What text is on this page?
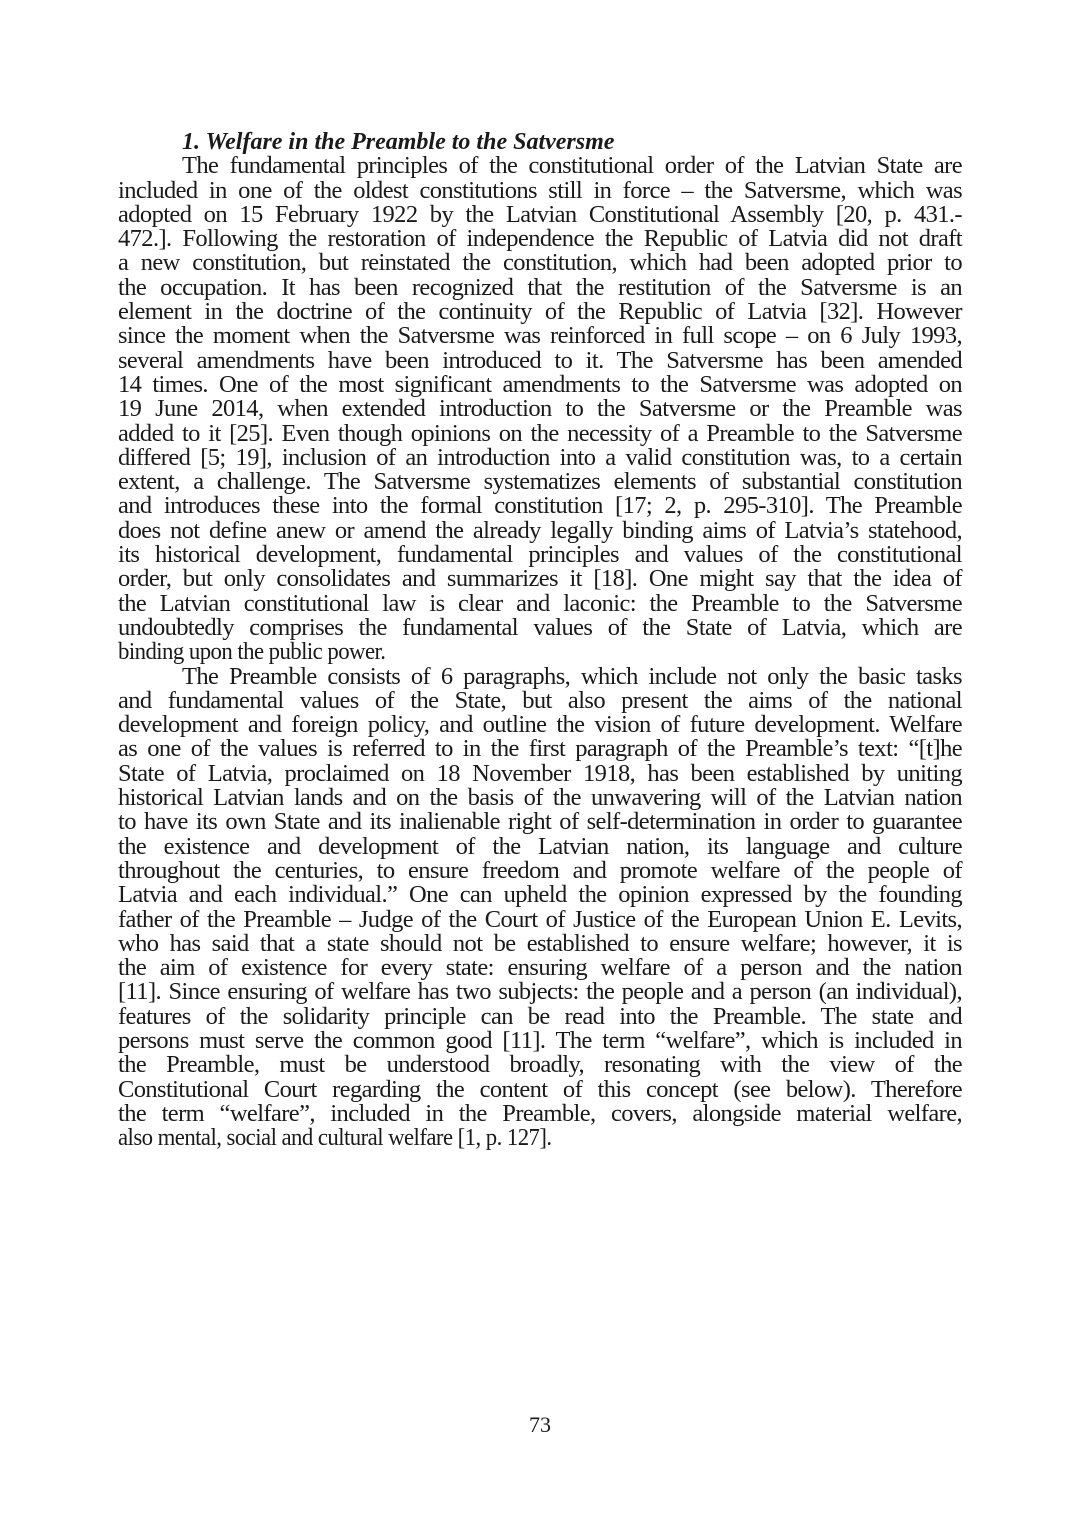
1. Welfare in the Preamble to the Satversme
The fundamental principles of the constitutional order of the Latvian State are
included in one of the oldest constitutions still in force – the Satversme, which was
adopted on 15 February 1922 by the Latvian Constitutional Assembly [20, p. 431.-
472.]. Following the restoration of independence the Republic of Latvia did not draft
a new constitution, but reinstated the constitution, which had been adopted prior to
the occupation. It has been recognized that the restitution of the Satversme is an
element in the doctrine of the continuity of the Republic of Latvia [32]. However
since the moment when the Satversme was reinforced in full scope – on 6 July 1993,
several amendments have been introduced to it. The Satversme has been amended
14 times. One of the most significant amendments to the Satversme was adopted on
19 June 2014, when extended introduction to the Satversme or the Preamble was
added to it [25]. Even though opinions on the necessity of a Preamble to the Satversme
differed [5; 19], inclusion of an introduction into a valid constitution was, to a certain
extent, a challenge. The Satversme systematizes elements of substantial constitution
and introduces these into the formal constitution [17; 2, p. 295-310]. The Preamble
does not define anew or amend the already legally binding aims of Latvia’s statehood,
its historical development, fundamental principles and values of the constitutional
order, but only consolidates and summarizes it [18]. One might say that the idea of
the Latvian constitutional law is clear and laconic: the Preamble to the Satversme
undoubtedly comprises the fundamental values of the State of Latvia, which are
binding upon the public power.
The Preamble consists of 6 paragraphs, which include not only the basic tasks
and fundamental values of the State, but also present the aims of the national
development and foreign policy, and outline the vision of future development. Welfare
as one of the values is referred to in the first paragraph of the Preamble’s text: “[t]he
State of Latvia, proclaimed on 18 November 1918, has been established by uniting
historical Latvian lands and on the basis of the unwavering will of the Latvian nation
to have its own State and its inalienable right of self-determination in order to guarantee
the existence and development of the Latvian nation, its language and culture
throughout the centuries, to ensure freedom and promote welfare of the people of
Latvia and each individual.” One can upheld the opinion expressed by the founding
father of the Preamble – Judge of the Court of Justice of the European Union E. Levits,
who has said that a state should not be established to ensure welfare; however, it is
the aim of existence for every state: ensuring welfare of a person and the nation
[11]. Since ensuring of welfare has two subjects: the people and a person (an individual),
features of the solidarity principle can be read into the Preamble. The state and
persons must serve the common good [11]. The term “welfare”, which is included in
the Preamble, must be understood broadly, resonating with the view of the
Constitutional Court regarding the content of this concept (see below). Therefore
the term “welfare”, included in the Preamble, covers, alongside material welfare,
also mental, social and cultural welfare [1, p. 127].
73
